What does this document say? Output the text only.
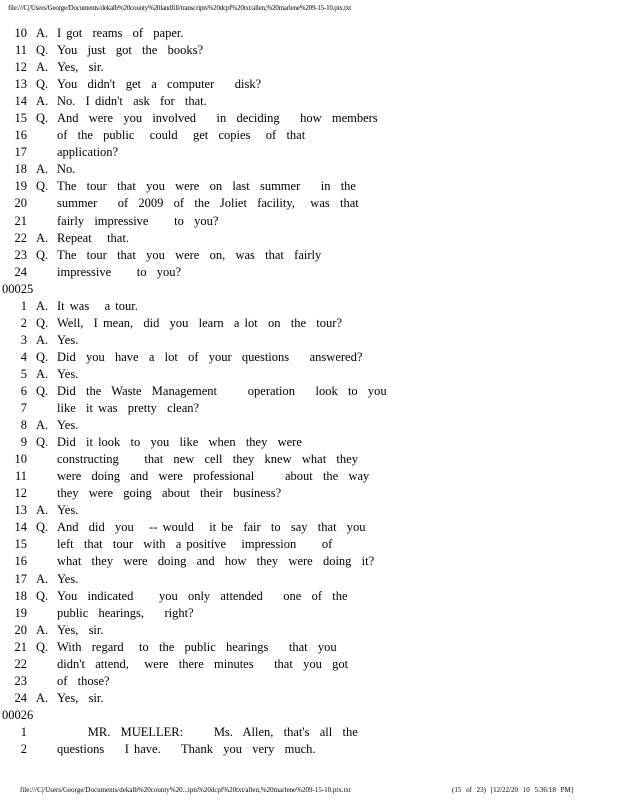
file:///C|/Users/George/Documents/dekalb%20county%20landfill/transcripts%20dcpf%20txt/allen,%20marlene%209-15-10.ptx.txt
10 A. I got  reams  of  paper.
11 Q. You  just  got  the  books?
12 A. Yes,  sir.
13 Q. You  didn't  get  a  computer    disk?
14 A. No.  I didn't  ask  for  that.
15 Q. And  were  you  involved    in  deciding    how  members
16 of  the  public   could   get  copies   of  that
17 application?
18 A. No.
19 Q. The  tour  that  you  were  on  last  summer    in  the
20 summer    of  2009  of  the  Joliet  facility,   was  that
21 fairly  impressive     to  you?
22 A. Repeat   that.
23 Q. The  tour  that  you  were  on,  was  that  fairly
24 impressive     to  you?
00025
1 A. It was   a tour.
2 Q. Well,  I mean,  did  you  learn  a lot  on  the  tour?
3 A. Yes.
4 Q. Did  you  have  a  lot  of  your  questions    answered?
5 A. Yes.
6 Q. Did  the  Waste  Management      operation    look  to  you
7 like  it was  pretty  clean?
8 A. Yes.
9 Q. Did  it look  to  you  like  when  they  were
10 constructing     that  new  cell  they  knew  what  they
11 were  doing  and  were  professional      about  the  way
12 they  were  going  about  their  business?
13 A. Yes.
14 Q. And  did  you   -- would   it be  fair  to  say  that  you
15 left  that  tour  with  a positive   impression     of
16 what  they  were  doing  and  how  they  were  doing  it?
17 A. Yes.
18 Q. You  indicated     you  only  attended    one  of  the
19 public  hearings,    right?
20 A. Yes,  sir.
21 Q. With  regard   to  the  public  hearings    that  you
22 didn't  attend,   were  there  minutes    that  you  got
23 of  those?
24 A. Yes,  sir.
00026
1      MR.  MUELLER:      Ms.  Allen,  that's  all  the
2 questions    I have.    Thank  you  very  much.
file:///C|/Users/George/Documents/dekalb%20county%20...ipts%20dcpf%20txt/allen,%20marlene%209-15-10.ptx.txt	(15 of 23) [12/22/20 10 5:36:18 PM]
